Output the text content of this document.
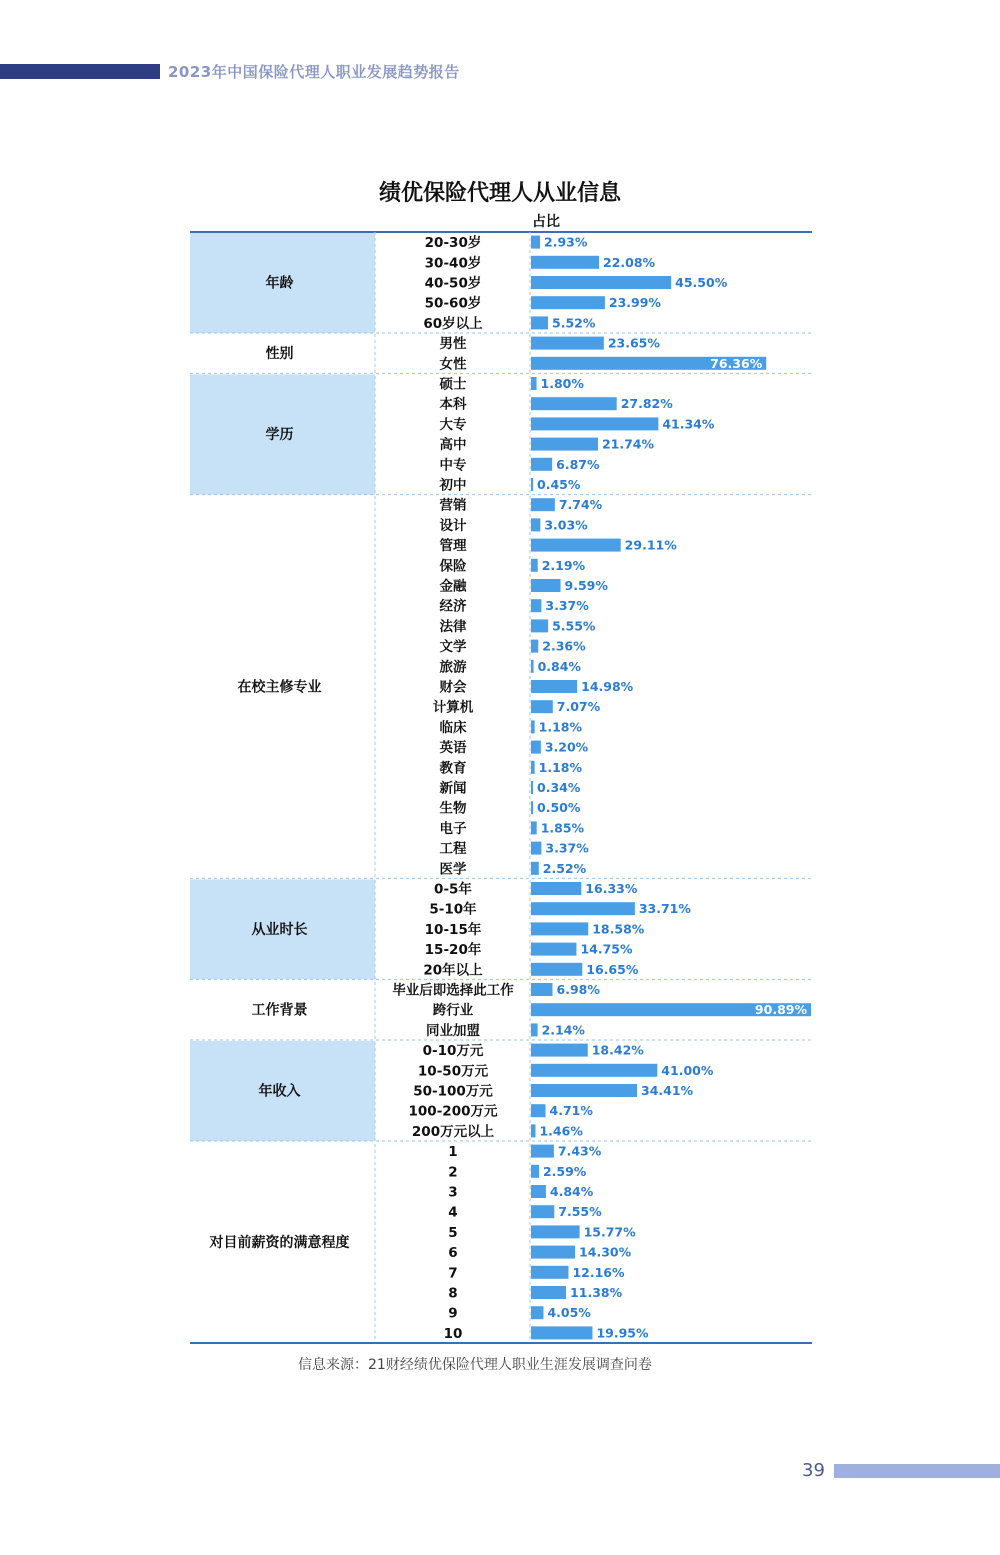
2023年中国保险代理人职业发展趋势报告
绩优保险代理人从业信息
占比
年龄
20-30岁	2.93%
30-40岁	22.08%
40-50岁	45.50%
50-60岁	23.99%
60岁以上	5.52%
性别
男性	23.65%
女性	76.36%
学历
硕士	1.80%
本科	27.82%
大专	41.34%
高中	21.74%
中专	6.87%
初中	0.45%
在校主修专业
营销	7.74%
设计	3.03%
管理	29.11%
保险	2.19%
金融	9.59%
经济	3.37%
法律	5.55%
文学	2.36%
旅游	0.84%
财会	14.98%
计算机	7.07%
临床	1.18%
英语	3.20%
教育	1.18%
新闻	0.34%
生物	0.50%
电子	1.85%
工程	3.37%
医学	2.52%
从业时长
0-5年	16.33%
5-10年	33.71%
10-15年	18.58%
15-20年	14.75%
20年以上	16.65%
工作背景
毕业后即选择此工作	6.98%
跨行业	90.89%
同业加盟	2.14%
年收入
0-10万元	18.42%
10-50万元	41.00%
50-100万元	34.41%
100-200万元	4.71%
200万元以上	1.46%
对目前薪资的满意程度
1	7.43%
2	2.59%
3	4.84%
4	7.55%
5	15.77%
6	14.30%
7	12.16%
8	11.38%
9	4.05%
10	19.95%
信息来源：21财经绩优保险代理人职业生涯发展调查问卷
39
